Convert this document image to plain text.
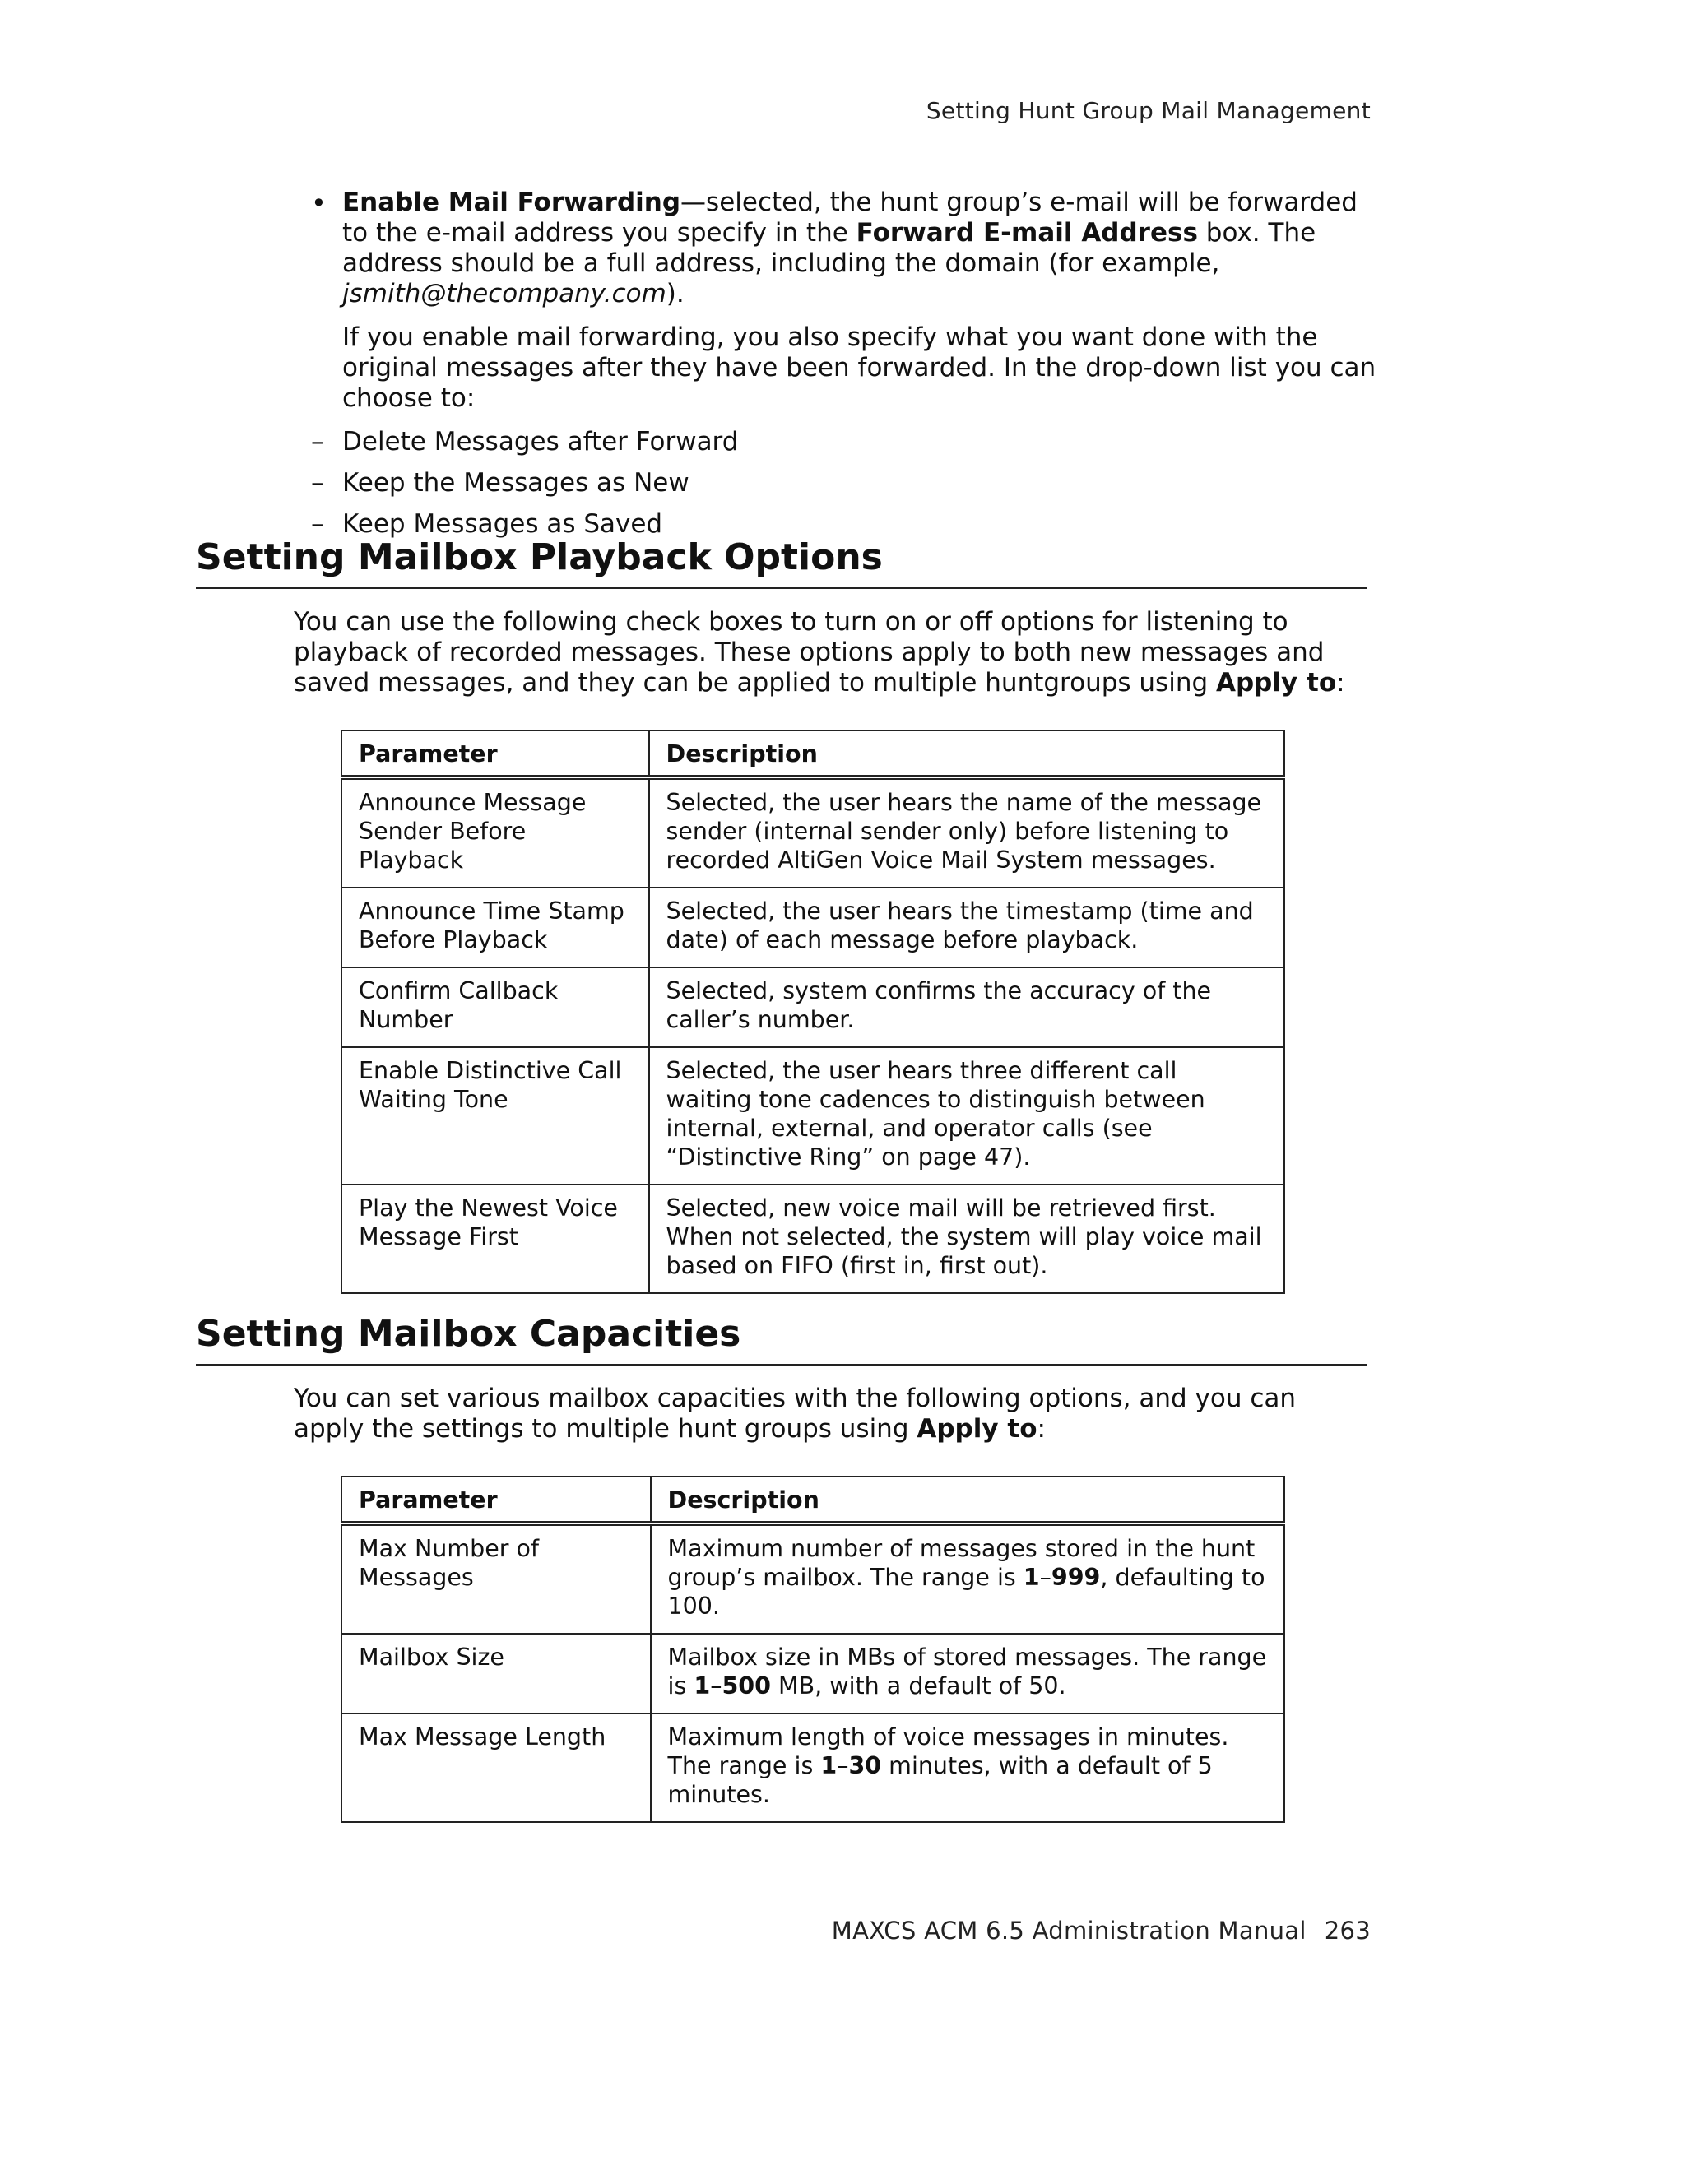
Setting Hunt Group Mail Management
• Enable Mail Forwarding—selected, the hunt group’s e-mail will be forwarded to the e-mail address you specify in the Forward E-mail Address box. The address should be a full address, including the domain (for example, jsmith@thecompany.com).

If you enable mail forwarding, you also specify what you want done with the original messages after they have been forwarded. In the drop-down list you can choose to:

– Delete Messages after Forward
– Keep the Messages as New
– Keep Messages as Saved
Setting Mailbox Playback Options

You can use the following check boxes to turn on or off options for listening to playback of recorded messages. These options apply to both new messages and saved messages, and they can be applied to multiple huntgroups using Apply to:

Parameter	Description
Announce Message Sender Before Playback	Selected, the user hears the name of the message sender (internal sender only) before listening to recorded AltiGen Voice Mail System messages.
Announce Time Stamp Before Playback	Selected, the user hears the timestamp (time and date) of each message before playback.
Confirm Callback Number	Selected, system confirms the accuracy of the caller’s number.
Enable Distinctive Call Waiting Tone	Selected, the user hears three different call waiting tone cadences to distinguish between internal, external, and operator calls (see “Distinctive Ring” on page 47).
Play the Newest Voice Message First	Selected, new voice mail will be retrieved first. When not selected, the system will play voice mail based on FIFO (first in, first out).
Setting Mailbox Capacities

You can set various mailbox capacities with the following options, and you can apply the settings to multiple hunt groups using Apply to:

Parameter	Description
Max Number of Messages	Maximum number of messages stored in the hunt group’s mailbox. The range is 1–999, defaulting to 100.
Mailbox Size	Mailbox size in MBs of stored messages. The range is 1–500 MB, with a default of 50.
Max Message Length	Maximum length of voice messages in minutes. The range is 1–30 minutes, with a default of 5 minutes.
MAXCS ACM 6.5 Administration Manual 263
